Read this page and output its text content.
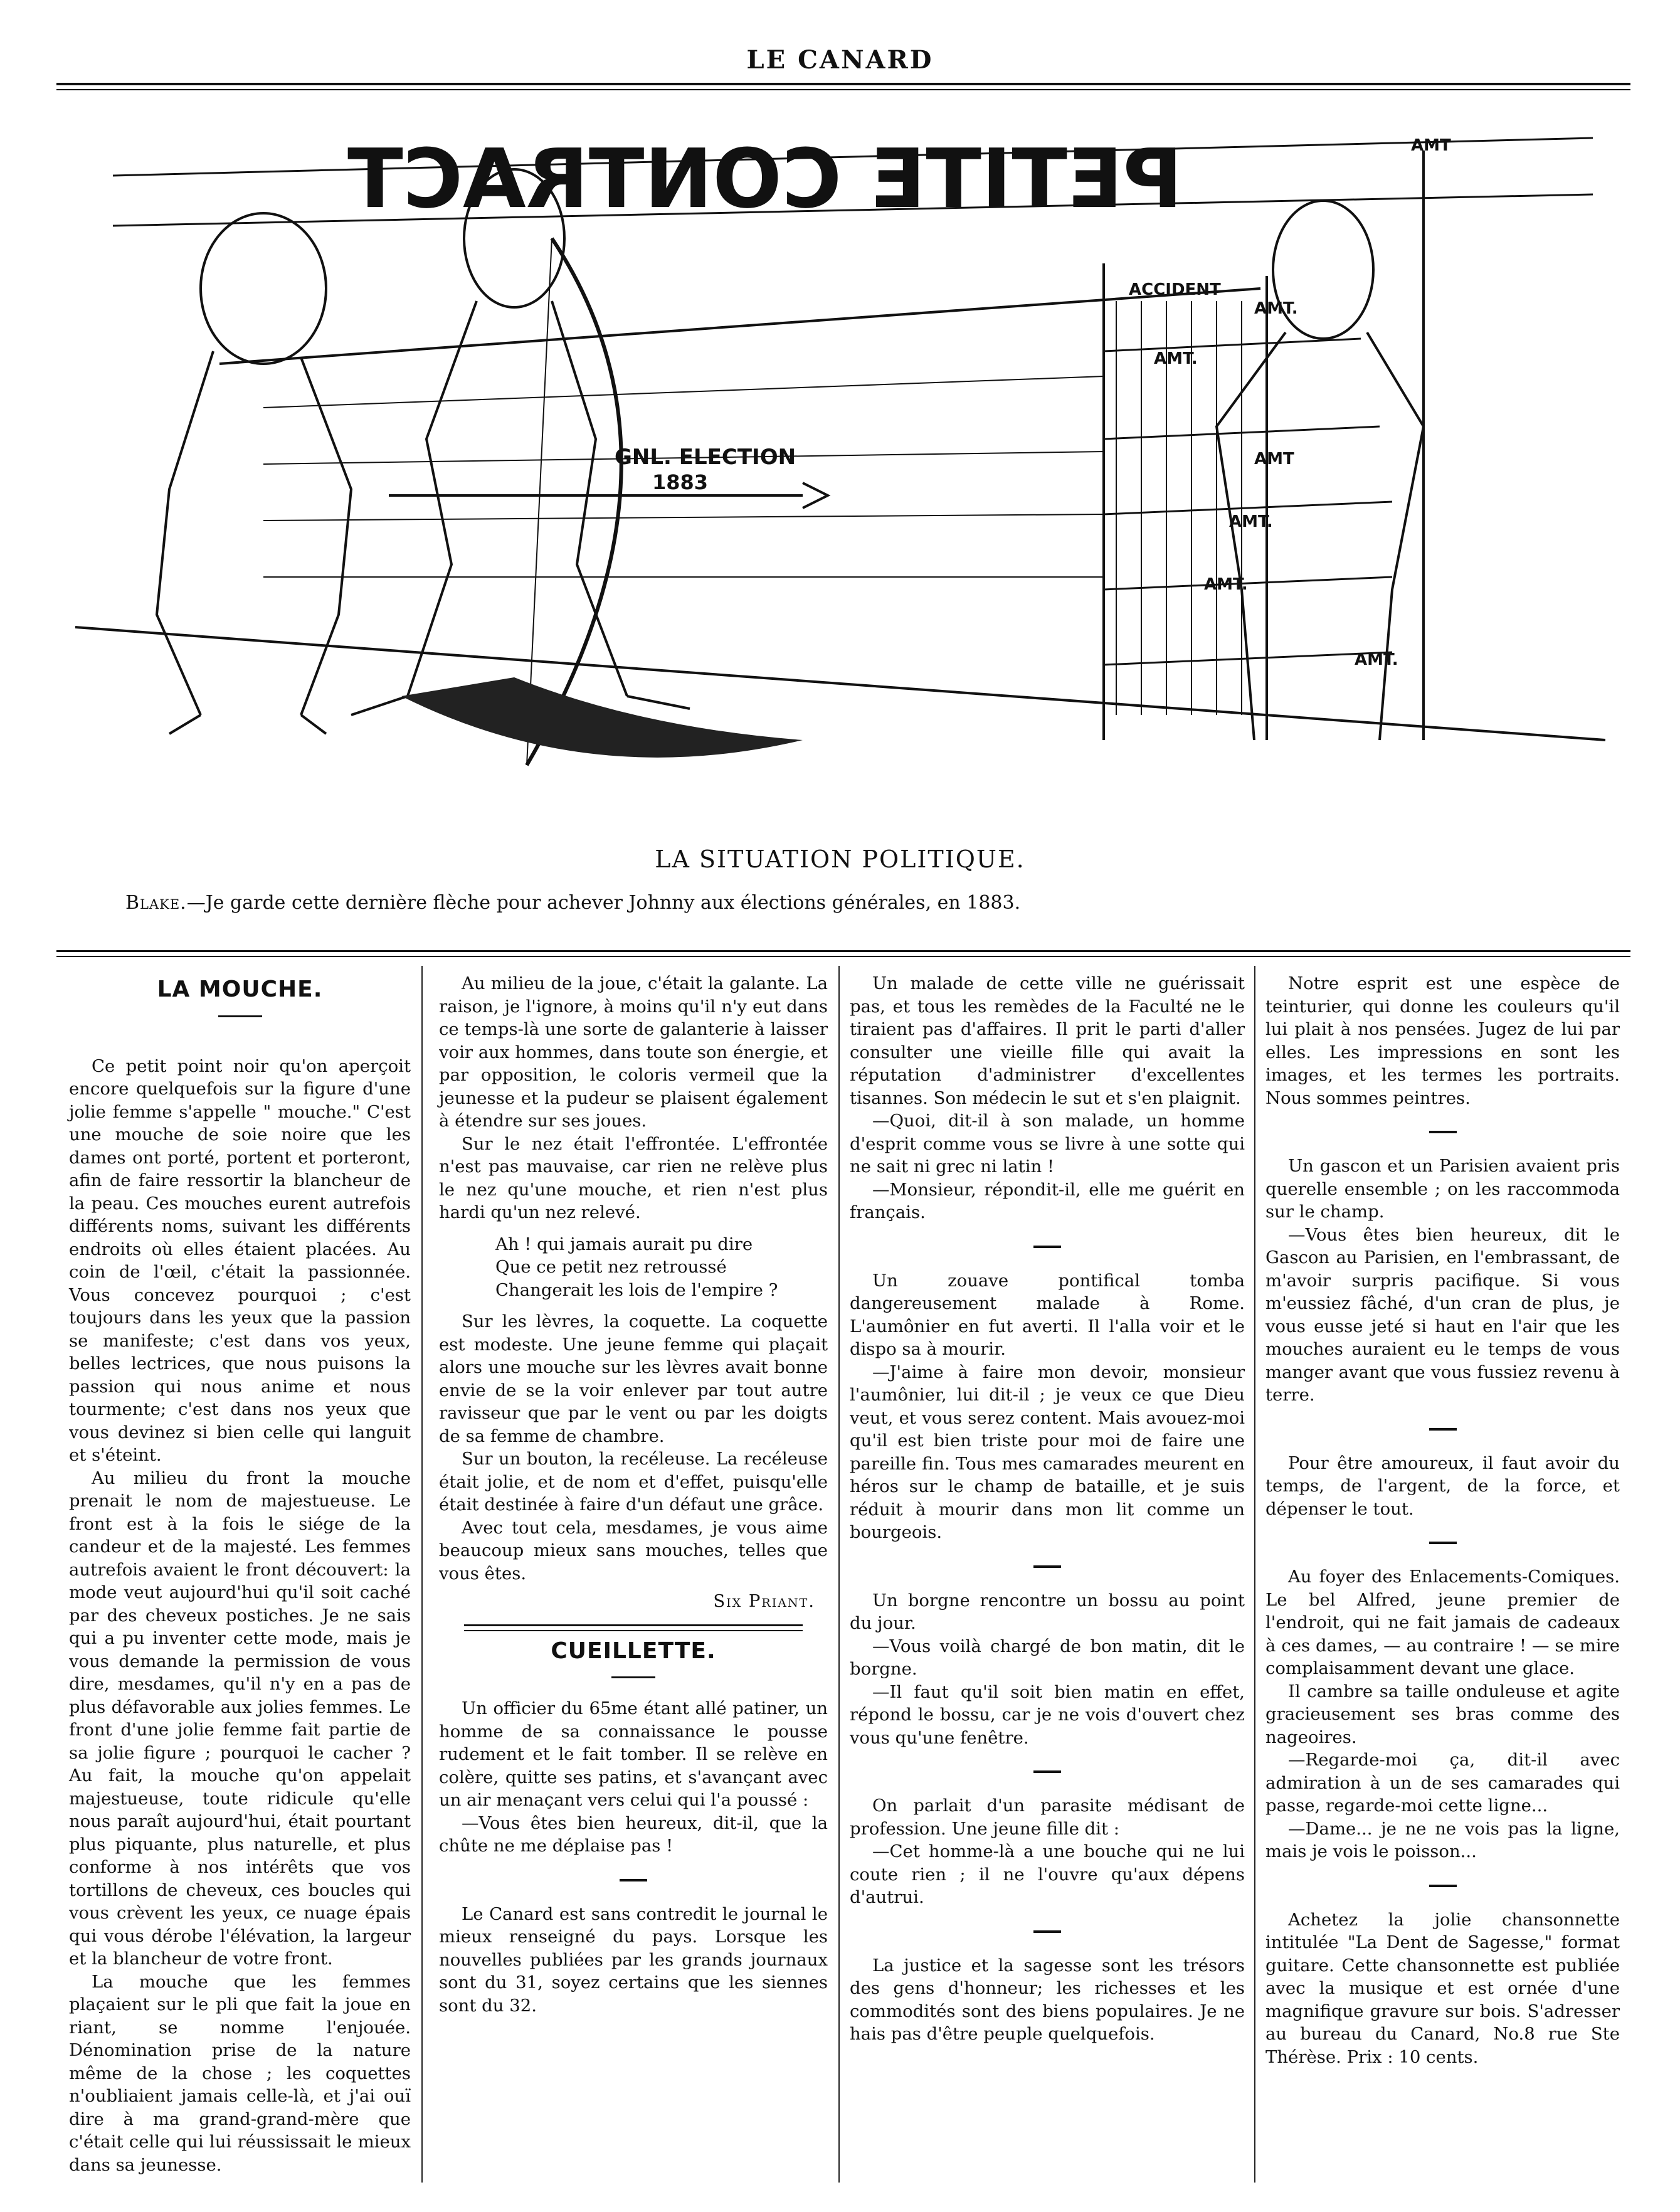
LE CANARD
PETITE CONTRACT
GNL. ELECTION
1883
AMT
ACCIDENT
AMT.
AMT.
AMT
AMT.
AMT.
AMT.
LA SITUATION POLITIQUE.
Blake.—Je garde cette dernière flèche pour achever Johnny aux élections générales, en 1883.

LA MOUCHE.

Ce petit point noir qu'on aperçoit encore quelquefois sur la figure d'une jolie femme s'appelle " mouche." C'est une mouche de soie noire que les dames ont porté, portent et porteront, afin de faire ressortir la blancheur de la peau. Ces mouches eurent autrefois différents noms, suivant les différents endroits où elles étaient placées. Au coin de l'œil, c'était la passionnée. Vous concevez pourquoi ; c'est toujours dans les yeux que la passion se manifeste; c'est dans vos yeux, belles lectrices, que nous puisons la passion qui nous anime et nous tourmente; c'est dans nos yeux que vous devinez si bien celle qui languit et s'éteint.

Au milieu du front la mouche prenait le nom de majestueuse. Le front est à la fois le siége de la candeur et de la majesté. Les femmes autrefois avaient le front découvert: la mode veut aujourd'hui qu'il soit caché par des cheveux postiches. Je ne sais qui a pu inventer cette mode, mais je vous demande la permission de vous dire, mesdames, qu'il n'y en a pas de plus défavorable aux jolies femmes. Le front d'une jolie femme fait partie de sa jolie figure ; pourquoi le cacher ? Au fait, la mouche qu'on appelait majestueuse, toute ridicule qu'elle nous paraît aujourd'hui, était pourtant plus piquante, plus naturelle, et plus conforme à nos intérêts que vos tortillons de cheveux, ces boucles qui vous crèvent les yeux, ce nuage épais qui vous dérobe l'élévation, la largeur et la blancheur de votre front.

La mouche que les femmes plaçaient sur le pli que fait la joue en riant, se nomme l'enjouée. Dénomination prise de la nature même de la chose ; les coquettes n'oubliaient jamais celle-là, et j'ai ouï dire à ma grand-grand-mère que c'était celle qui lui réussissait le mieux dans sa jeunesse.

Au milieu de la joue, c'était la galante. La raison, je l'ignore, à moins qu'il n'y eut dans ce temps-là une sorte de galanterie à laisser voir aux hommes, dans toute son énergie, et par opposition, le coloris vermeil que la jeunesse et la pudeur se plaisent également à étendre sur ses joues.

Sur le nez était l'effrontée. L'effrontée n'est pas mauvaise, car rien ne relève plus le nez qu'une mouche, et rien n'est plus hardi qu'un nez relevé.

Ah ! qui jamais aurait pu dire

Que ce petit nez retroussé

Changerait les lois de l'empire ?

Sur les lèvres, la coquette. La coquette est modeste. Une jeune femme qui plaçait alors une mouche sur les lèvres avait bonne envie de se la voir enlever par tout autre ravisseur que par le vent ou par les doigts de sa femme de chambre.

Sur un bouton, la recéleuse. La recéleuse était jolie, et de nom et d'effet, puisqu'elle était destinée à faire d'un défaut une grâce.

Avec tout cela, mesdames, je vous aime beaucoup mieux sans mouches, telles que vous êtes.

Six Priant.

CUEILLETTE.

Un officier du 65me étant allé patiner, un homme de sa connaissance le pousse rudement et le fait tomber. Il se relève en colère, quitte ses patins, et s'avançant avec un air menaçant vers celui qui l'a poussé :

—Vous êtes bien heureux, dit-il, que la chûte ne me déplaise pas !

Le Canard est sans contredit le journal le mieux renseigné du pays. Lorsque les nouvelles publiées par les grands journaux sont du 31, soyez certains que les siennes sont du 32.

Un malade de cette ville ne guérissait pas, et tous les remèdes de la Faculté ne le tiraient pas d'affaires. Il prit le parti d'aller consulter une vieille fille qui avait la réputation d'administrer d'excellentes tisannes. Son médecin le sut et s'en plaignit.

—Quoi, dit-il à son malade, un homme d'esprit comme vous se livre à une sotte qui ne sait ni grec ni latin !

—Monsieur, répondit-il, elle me guérit en français.

Un zouave pontifical tomba dangereusement malade à Rome. L'aumônier en fut averti. Il l'alla voir et le dispo sa à mourir.

—J'aime à faire mon devoir, monsieur l'aumônier, lui dit-il ; je veux ce que Dieu veut, et vous serez content. Mais avouez-moi qu'il est bien triste pour moi de faire une pareille fin. Tous mes camarades meurent en héros sur le champ de bataille, et je suis réduit à mourir dans mon lit comme un bourgeois.

Un borgne rencontre un bossu au point du jour.

—Vous voilà chargé de bon matin, dit le borgne.

—Il faut qu'il soit bien matin en effet, répond le bossu, car je ne vois d'ouvert chez vous qu'une fenêtre.

On parlait d'un parasite médisant de profession. Une jeune fille dit :

—Cet homme-là a une bouche qui ne lui coute rien ; il ne l'ouvre qu'aux dépens d'autrui.

La justice et la sagesse sont les trésors des gens d'honneur; les richesses et les commodités sont des biens populaires. Je ne hais pas d'être peuple quelquefois.

Notre esprit est une espèce de teinturier, qui donne les couleurs qu'il lui plait à nos pensées. Jugez de lui par elles. Les impressions en sont les images, et les termes les portraits. Nous sommes peintres.

Un gascon et un Parisien avaient pris querelle ensemble ; on les raccommoda sur le champ.

—Vous êtes bien heureux, dit le Gascon au Parisien, en l'embrassant, de m'avoir surpris pacifique. Si vous m'eussiez fâché, d'un cran de plus, je vous eusse jeté si haut en l'air que les mouches auraient eu le temps de vous manger avant que vous fussiez revenu à terre.

Pour être amoureux, il faut avoir du temps, de l'argent, de la force, et dépenser le tout.

Au foyer des Enlacements-Comiques. Le bel Alfred, jeune premier de l'endroit, qui ne fait jamais de cadeaux à ces dames, — au contraire ! — se mire complaisamment devant une glace.

Il cambre sa taille onduleuse et agite gracieusement ses bras comme des nageoires.

—Regarde-moi ça, dit-il avec admiration à un de ses camarades qui passe, regarde-moi cette ligne...

—Dame... je ne ne vois pas la ligne, mais je vois le poisson...

Achetez la jolie chansonnette intitulée "La Dent de Sagesse," format guitare. Cette chansonnette est publiée avec la musique et est ornée d'une magnifique gravure sur bois. S'adresser au bureau du Canard, No.8 rue Ste Thérèse. Prix : 10 cents.
